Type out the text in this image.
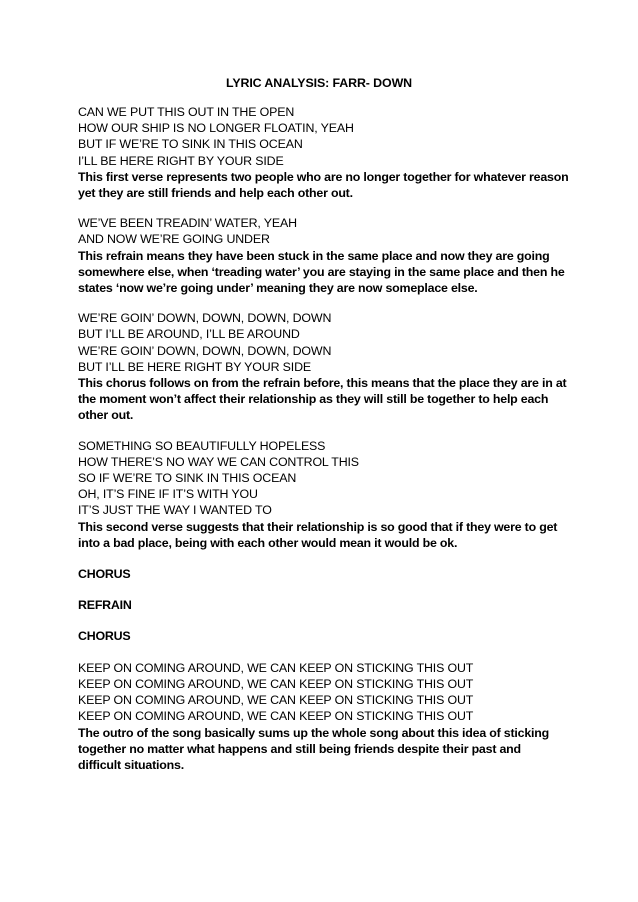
LYRIC ANALYSIS: FARR- DOWN
CAN WE PUT THIS OUT IN THE OPEN
HOW OUR SHIP IS NO LONGER FLOATIN, YEAH
BUT IF WE’RE TO SINK IN THIS OCEAN
I’LL BE HERE RIGHT BY YOUR SIDE
This first verse represents two people who are no longer together for whatever reason
yet they are still friends and help each other out.
WE’VE BEEN TREADIN’ WATER, YEAH
AND NOW WE’RE GOING UNDER
This refrain means they have been stuck in the same place and now they are going
somewhere else, when ‘treading water’ you are staying in the same place and then he
states ‘now we’re going under’ meaning they are now someplace else.
WE’RE GOIN’ DOWN, DOWN, DOWN, DOWN
BUT I’LL BE AROUND, I’LL BE AROUND
WE’RE GOIN’ DOWN, DOWN, DOWN, DOWN
BUT I’LL BE HERE RIGHT BY YOUR SIDE
This chorus follows on from the refrain before, this means that the place they are in at
the moment won’t affect their relationship as they will still be together to help each
other out.
SOMETHING SO BEAUTIFULLY HOPELESS
HOW THERE’S NO WAY WE CAN CONTROL THIS
SO IF WE’RE TO SINK IN THIS OCEAN
OH, IT’S FINE IF IT’S WITH YOU
IT’S JUST THE WAY I WANTED TO
This second verse suggests that their relationship is so good that if they were to get
into a bad place, being with each other would mean it would be ok.
CHORUS
REFRAIN
CHORUS
KEEP ON COMING AROUND, WE CAN KEEP ON STICKING THIS OUT
KEEP ON COMING AROUND, WE CAN KEEP ON STICKING THIS OUT
KEEP ON COMING AROUND, WE CAN KEEP ON STICKING THIS OUT
KEEP ON COMING AROUND, WE CAN KEEP ON STICKING THIS OUT
The outro of the song basically sums up the whole song about this idea of sticking
together no matter what happens and still being friends despite their past and
difficult situations.
